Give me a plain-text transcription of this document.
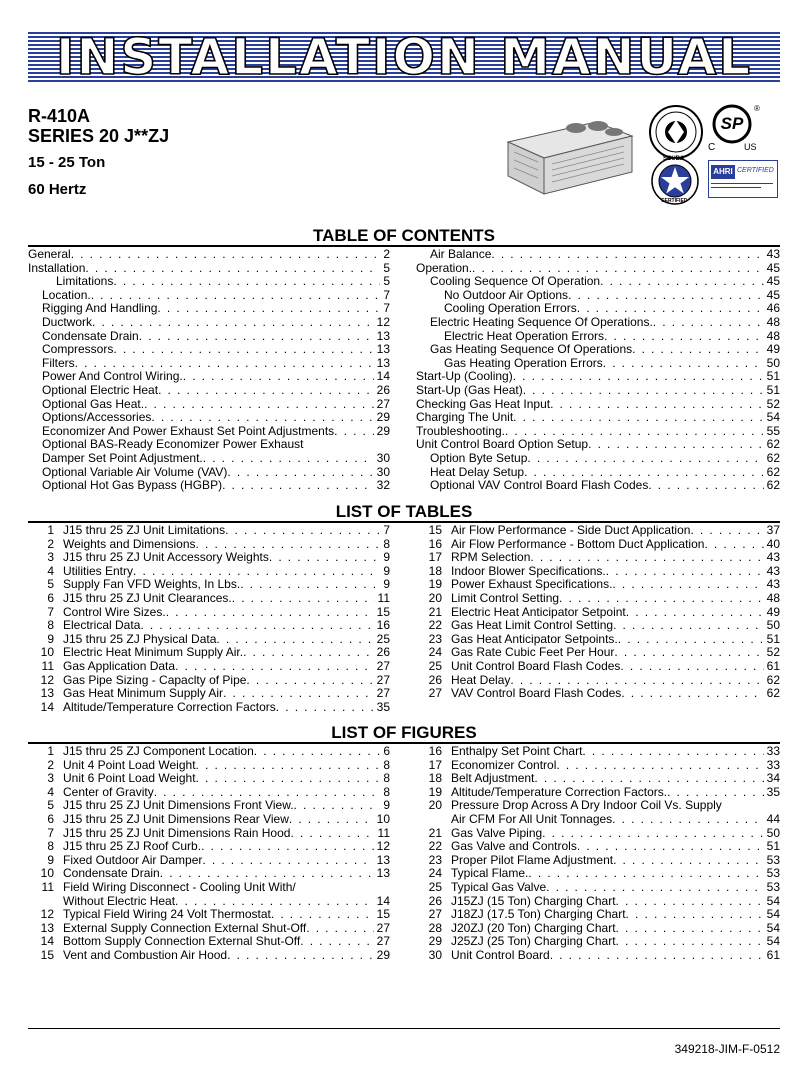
INSTALLATION MANUAL
R-410A
SERIES 20 J**ZJ
15 - 25 Ton
60 Hertz
SP
®
C	US
SCUBA
CERTIFIED
AHRI CERTIFIED
TABLE OF CONTENTS
General . . .	2
Installation . . .	5
Limitations . . .	5
Location. . . .	7
Rigging And Handling . . .	7
Ductwork . . .	12
Condensate Drain . . .	13
Compressors . . .	13
Filters . . .	13
Power And Control Wiring. . . .	14
Optional Electric Heat . . .	26
Optional Gas Heat. . . .	27
Options/Accessories . . .	29
Economizer And Power Exhaust Set Point Adjustments . . .	29
Optional BAS-Ready Economizer Power Exhaust
Damper Set Point Adjustment. . . .	30
Optional Variable Air Volume (VAV) . . .	30
Optional Hot Gas Bypass (HGBP) . . .	32
Air Balance . . .	43
Operation. . . .	45
Cooling Sequence Of Operation . . .	45
No Outdoor Air Options . . .	45
Cooling Operation Errors . . .	46
Electric Heating Sequence Of Operations. . . .	48
Electric Heat Operation Errors . . .	48
Gas Heating Sequence Of Operations . . .	49
Gas Heating Operation Errors . . .	50
Start-Up (Cooling) . . .	51
Start-Up (Gas Heat) . . .	51
Checking Gas Heat Input . . .	52
Charging The Unit . . .	54
Troubleshooting. . . .	55
Unit Control Board Option Setup . . .	62
Option Byte Setup . . .	62
Heat Delay Setup . . .	62
Optional VAV Control Board Flash Codes . . .	62
LIST OF TABLES
1 J15 thru 25 ZJ Unit Limitations . . .	7
2 Weights and Dimensions . . .	8
3 J15 thru 25 ZJ Unit Accessory Weights . . .	9
4 Utilities Entry . . .	9
5 Supply Fan VFD Weights, In Lbs. . . .	9
6 J15 thru 25 ZJ Unit Clearances. . . .	11
7 Control Wire Sizes. . . .	15
8 Electrical Data . . .	16
9 J15 thru 25 ZJ Physical Data . . .	25
10 Electric Heat Minimum Supply Air. . . .	26
11 Gas Application Data . . .	27
12 Gas Pipe Sizing - Capaclty of Pipe . . .	27
13 Gas Heat Minimum Supply Air . . .	27
14 Altitude/Temperature Correction Factors . . .	35
15 Air Flow Performance - Side Duct Application . . .	37
16 Air Flow Performance - Bottom Duct Application . . .	40
17 RPM Selection . . .	43
18 Indoor Blower Specifications. . . .	43
19 Power Exhaust Specifications. . . .	43
20 Limit Control Setting . . .	48
21 Electric Heat Anticipator Setpoint . . .	49
22 Gas Heat Limit Control Setting . . .	50
23 Gas Heat Anticipator Setpoints. . . .	51
24 Gas Rate Cubic Feet Per Hour . . .	52
25 Unit Control Board Flash Codes . . .	61
26 Heat Delay . . .	62
27 VAV Control Board Flash Codes . . .	62
LIST OF FIGURES
1 J15 thru 25 ZJ Component Location . . .	6
2 Unit 4 Point Load Weight . . .	8
3 Unit 6 Point Load Weight . . .	8
4 Center of Gravity . . .	8
5 J15 thru 25 ZJ Unit Dimensions Front View. . . .	9
6 J15 thru 25 ZJ Unit Dimensions Rear View . . .	10
7 J15 thru 25 ZJ Unit Dimensions Rain Hood . . .	11
8 J15 thru 25 ZJ Roof Curb. . . .	12
9 Fixed Outdoor Air Damper . . .	13
10 Condensate Drain . . .	13
11 Field Wiring Disconnect - Cooling Unit With/
Without Electric Heat . . .	14
12 Typical Field Wiring 24 Volt Thermostat . . .	15
13 External Supply Connection External Shut-Off . . .	27
14 Bottom Supply Connection External Shut-Off . . .	27
15 Vent and Combustion Air Hood . . .	29
16 Enthalpy Set Point Chart . . .	33
17 Economizer Control . . .	33
18 Belt Adjustment . . .	34
19 Altitude/Temperature Correction Factors. . . .	35
20 Pressure Drop Across A Dry Indoor Coil Vs. Supply
Air CFM For All Unit Tonnages . . .	44
21 Gas Valve Piping . . .	50
22 Gas Valve and Controls . . .	51
23 Proper Pilot Flame Adjustment . . .	53
24 Typical Flame. . . .	53
25 Typical Gas Valve . . .	53
26 J15ZJ (15 Ton) Charging Chart . . .	54
27 J18ZJ (17.5 Ton) Charging Chart . . .	54
28 J20ZJ (20 Ton) Charging Chart . . .	54
29 J25ZJ (25 Ton) Charging Chart . . .	54
30 Unit Control Board . . .	61
349218-JIM-F-0512
